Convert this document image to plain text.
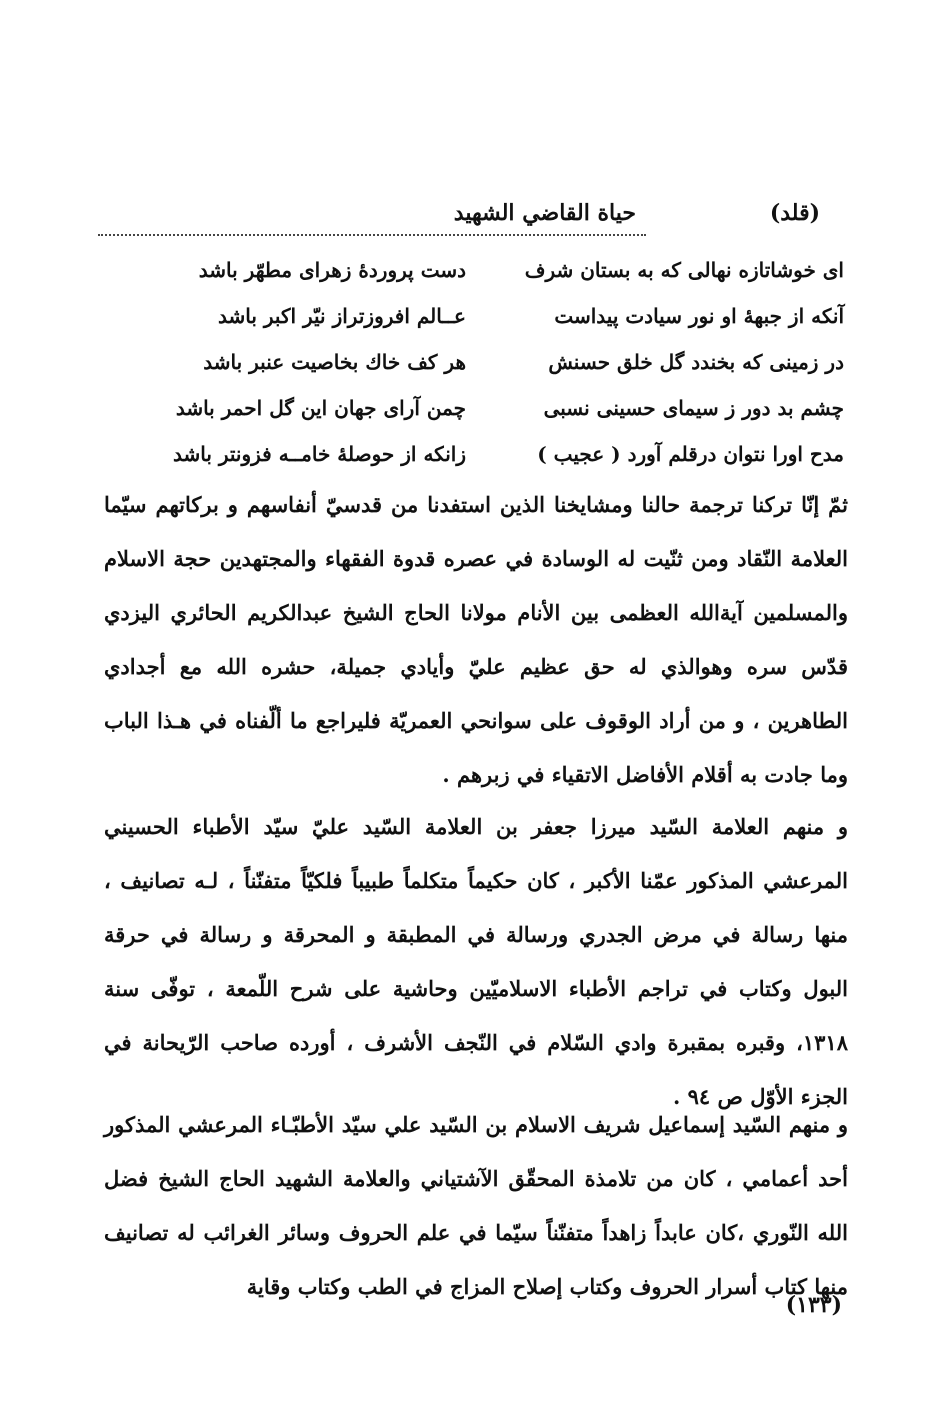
(قلد)
حياة القاضي الشهيد
ای خوشاتازه نهالی که به بستان شرف
دست پروردهٔ زهرای مطهّر باشد
آنکه از جبههٔ او نور سیادت پیداست
عــالم افروزتراز نیّر اکبر باشد
در زمینی که بخندد گل خلق حسنش
هر کف خاك بخاصیت عنبر باشد
چشم بد دور ز سیمای حسینی نسبی
چمن آرای جهان این گل احمر باشد
مدح اورا نتوان درقلم آورد ( عجیب )
زانکه از حوصلهٔ خامــه فزونتر باشد

ثمّ إنّا تركنا ترجمة حالنا ومشايخنا الذين استفدنا من قدسيّ أنفاسهم و بركاتهم سيّما العلامة النّقاد ومن ثنّيت له الوسادة في عصره قدوة الفقهاء والمجتهدين حجة الاسلام والمسلمين آيةالله العظمى بين الأنام مولانا الحاج الشيخ عبدالكريم الحائري اليزدي قدّس سره وهوالذي له حق عظيم عليّ وأيادي جميلة، حشره الله مع أجدادي الطاهرين ، و من أراد الوقوف على سوانحي العمريّة فليراجع ما ألّفناه في هـذا الباب وما جادت به أقلام الأفاضل الاتقياء في زبرهم .

و منهم العلامة السّيد ميرزا جعفر بن العلامة السّيد عليّ سيّد الأطباء الحسيني المرعشي المذكور عمّنا الأكبر ، كان حكيماً متكلماً طبيباً فلكيّاً متفنّناً ، لـه تصانيف ، منها رسالة في مرض الجدري ورسالة في المطبقة و المحرقة و رسالة في حرقة البول وكتاب في تراجم الأطباء الاسلاميّين وحاشية على شرح اللّمعة ، توفّى سنة ١٣١٨، وقبره بمقبرة وادي السّلام في النّجف الأشرف ، أورده صاحب الرّيحانة في الجزء الأوّل ص ٩٤ .

و منهم السّيد إسماعيل شريف الاسلام بن السّيد علي سيّد الأطبّـاء المرعشي المذكور أحد أعمامي ، كان من تلامذة المحقّق الآشتياني والعلامة الشهيد الحاج الشيخ فضل الله النّوري ،كان عابداً زاهداً متفنّناً سيّما في علم الحروف وسائر الغرائب له تصانيف منها كتاب أسرار الحروف وكتاب إصلاح المزاج في الطب وكتاب وقاية

(١٣٣)
